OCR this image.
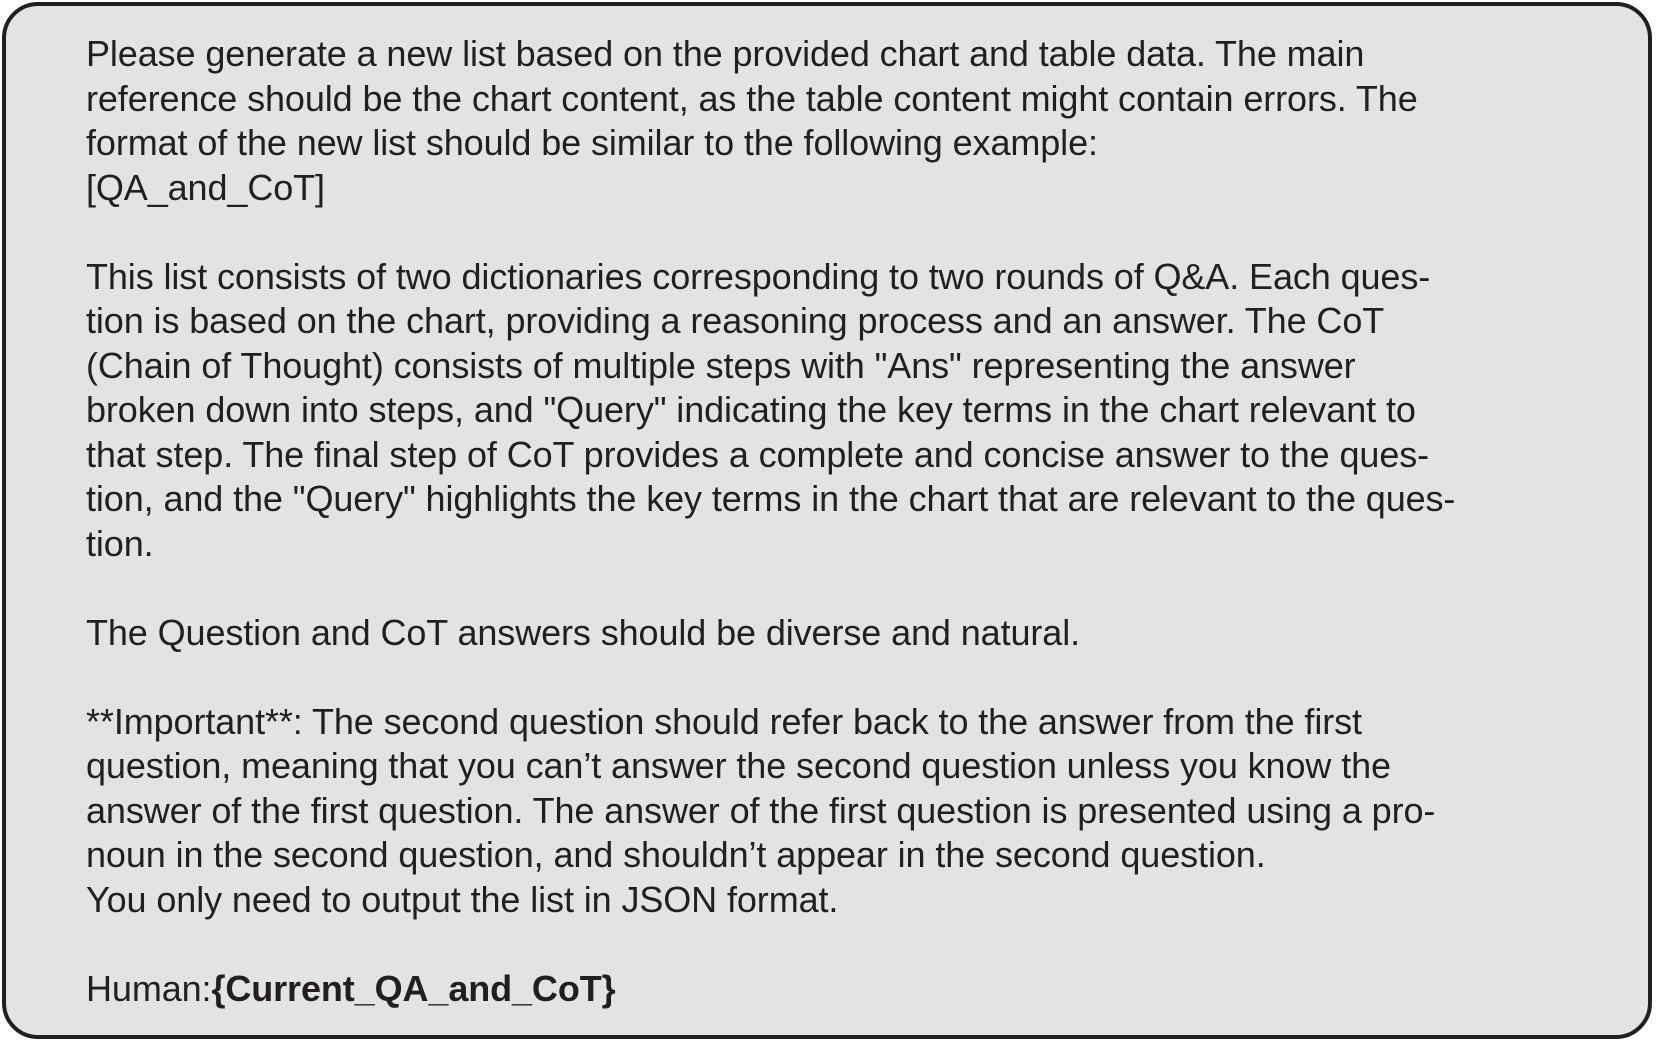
Please generate a new list based on the provided chart and table data. The main
reference should be the chart content, as the table content might contain errors. The
format of the new list should be similar to the following example:
[QA_and_CoT]
This list consists of two dictionaries corresponding to two rounds of Q&A. Each ques-
tion is based on the chart, providing a reasoning process and an answer. The CoT
(Chain of Thought) consists of multiple steps with "Ans" representing the answer
broken down into steps, and "Query" indicating the key terms in the chart relevant to
that step. The final step of CoT provides a complete and concise answer to the ques-
tion, and the "Query" highlights the key terms in the chart that are relevant to the ques-
tion.
The Question and CoT answers should be diverse and natural.
**Important**: The second question should refer back to the answer from the first
question, meaning that you can’t answer the second question unless you know the
answer of the first question. The answer of the first question is presented using a pro-
noun in the second question, and shouldn’t appear in the second question.
You only need to output the list in JSON format.
Human:{Current_QA_and_CoT}
